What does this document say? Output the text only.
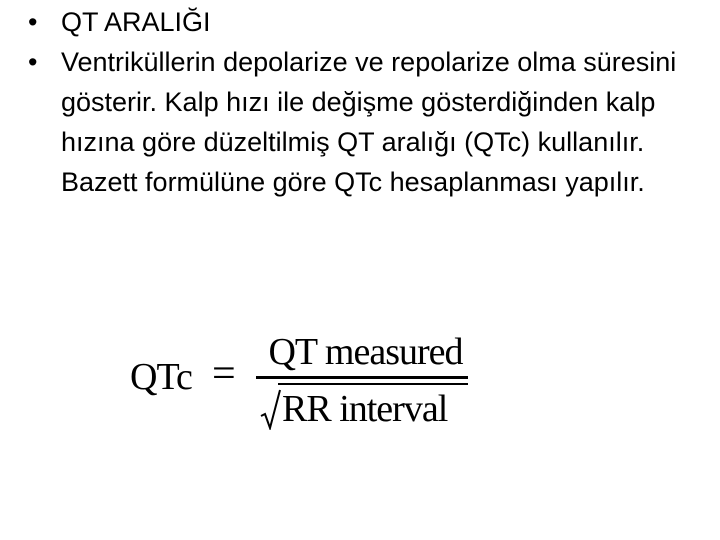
• QT ARALIĞI
• Ventriküllerin depolarize ve repolarize olma süresini gösterir. Kalp hızı ile değişme gösterdiğinden kalp hızına göre düzeltilmiş QT aralığı (QTc) kullanılır. Bazett formülüne göre QTc hesaplanması yapılır.
QTc = QT measured
RR interval
